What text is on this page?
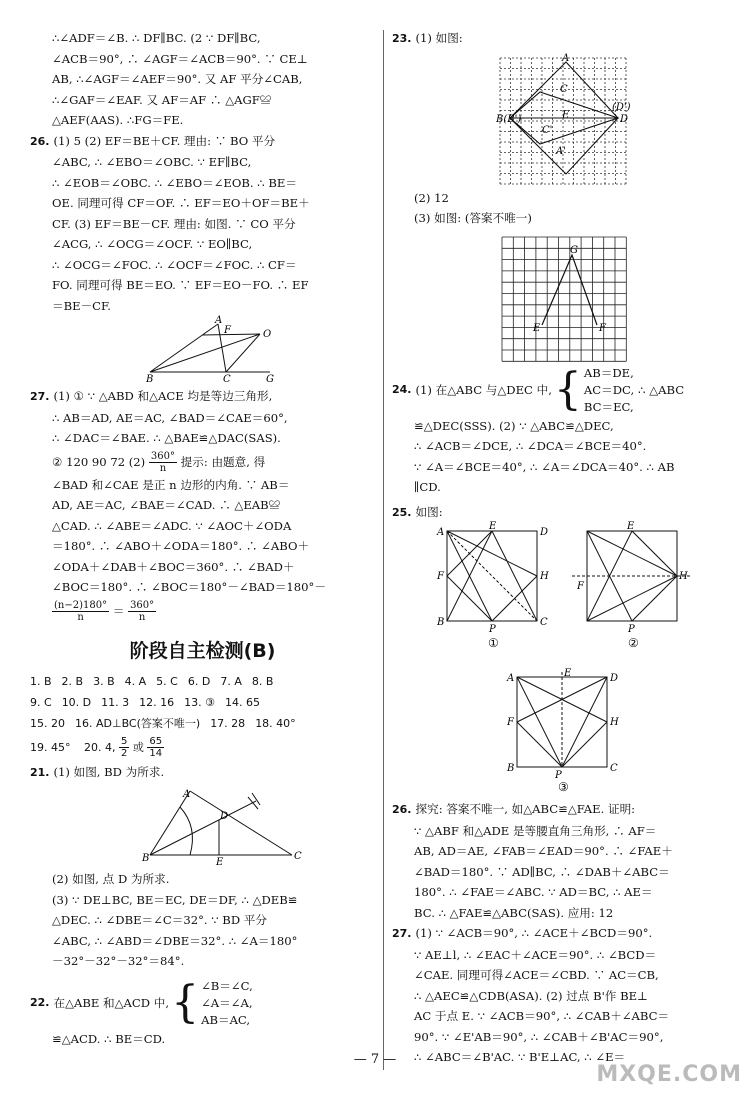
∴∠ADF＝∠B. ∴ DF∥BC. (2 ∵ DF∥BC,

∠ACB＝90°, ∴ ∠AGF＝∠ACB＝90°. ∵ CE⊥

AB, ∴∠AGF＝∠AEF＝90°. 又 AF 平分∠CAB,

∴∠GAF＝∠EAF. 又 AF＝AF ∴ △AGF≌

△AEF(AAS). ∴FG＝FE.

26. (1) 5 (2) EF＝BE＋CF. 理由: ∵ BO 平分

∠ABC, ∴ ∠EBO＝∠OBC. ∵ EF∥BC,

∴ ∠EOB＝∠OBC. ∴ ∠EBO＝∠EOB. ∴ BE＝

OE. 同理可得 CF＝OF. ∴ EF＝EO＋OF＝BE＋

CF. (3) EF＝BE－CF. 理由: 如图. ∵ CO 平分

∠ACG, ∴ ∠OCG＝∠OCF. ∵ EO∥BC,

∴ ∠OCG＝∠FOC. ∴ ∠OCF＝∠FOC. ∴ CF＝

FO. 同理可得 BE＝EO. ∵ EF＝EO－FO. ∴ EF

＝BE－CF.

A
F	O
B	C	G

27. (1) ① ∵ △ABD 和△ACE 均是等边三角形,

∴ AB＝AD, AE＝AC, ∠BAD＝∠CAE＝60°,

∴ ∠DAC＝∠BAE. ∴ △BAE≌△DAC(SAS).

② 120 90 72 $(2) \frac{360^\circ}{n}$ 提示: 由题意, 得

∠BAD 和∠CAE 是正 n 边形的内角. ∵ AB＝

AD, AE＝AC, ∠BAE＝∠CAD. ∴ △EAB≌

△CAD. ∴ ∠ABE＝∠ADC. ∵ ∠AOC＋∠ODA

＝180°. ∴ ∠ABO＋∠ODA＝180°. ∴ ∠ABO＋

∠ODA＋∠DAB＋∠BOC＝360°. ∴ ∠BAD＋

∠BOC＝180°. ∴ ∠BOC＝180°－∠BAD＝180°－

$\frac{(n-2)180^\circ}{n} = \frac{360^\circ}{n}$

阶段自主检测(B)

1. B 2. B 3. B 4. A 5. C 6. D 7. A 8. B

9. C 10. D 11. 3 12. 16 13. ③ 14. 65

15. 20 16. AD⊥BC(答案不唯一) 17. 28 18. 40°

19. 45° 20. 4, $\frac{5}{2}$ 或 $\frac{65}{14}$

21. (1) 如图, BD 为所求.

A
D
B	E
C

(2) 如图, 点 D 为所求.

(3) ∵ DE⊥BC, BE＝EC, DE＝DF, ∴ △DEB≌

△DEC. ∴ ∠DBE＝∠C＝32°. ∵ BD 平分

∠ABC, ∴ ∠ABD＝∠DBE＝32°. ∴ ∠A＝180°

－32°－32°－32°＝84°.

22. 在△ABE 和△ACD 中, { ∠B＝∠C,
∠A＝∠A,
AB＝AC,

≌△ACD. ∴ BE＝CD.

23. (1) 如图:

A
C
A'
C'
B(B')
(D')
D
E

(2) 12

(3) 如图: (答案不唯一)

G
E	F

24. (1) 在△ABC 与△DEC 中, { AB＝DE,
AC＝DC,
BC＝EC,
∴ △ABC

≌△DEC(SSS). (2) ∵ △ABC≌△DEC,

∴ ∠ACB＝∠DCE, ∴ ∠DCA＝∠BCE＝40°.

∵ ∠A＝∠BCE＝40°, ∴ ∠A＝∠DCA＝40°. ∴ AB

∥CD.

25. 如图:

A
E
D
F	H
B
P
C
①
E
F
H
P
②
A	E	D
F	H
B
P
C
③

26. 探究: 答案不唯一, 如△ABC≌△FAE. 证明:

∵ △ABF 和△ADE 是等腰直角三角形, ∴ AF＝

AB, AD＝AE, ∠FAB＝∠EAD＝90°. ∴ ∠FAE＋

∠BAD＝180°. ∵ AD∥BC, ∴ ∠DAB＋∠ABC＝

180°. ∴ ∠FAE＝∠ABC. ∵ AD＝BC, ∴ AE＝

BC. ∴ △FAE≌△ABC(SAS). 应用: 12

27. (1) ∵ ∠ACB＝90°, ∴ ∠ACE＋∠BCD＝90°.

∵ AE⊥l, ∴ ∠EAC＋∠ACE＝90°. ∴ ∠BCD＝

∠CAE. 同理可得∠ACE＝∠CBD. ∵ AC＝CB,

∴ △AEC≌△CDB(ASA). (2) 过点 B'作 BE⊥

AC 于点 E. ∵ ∠ACB＝90°, ∴ ∠CAB＋∠ABC＝

90°. ∵ ∠E'AB＝90°, ∴ ∠CAB＋∠B'AC＝90°,

∴ ∠ABC＝∠B'AC. ∵ B'E⊥AC, ∴ ∠E＝

— 7 —
MXQE.COM
